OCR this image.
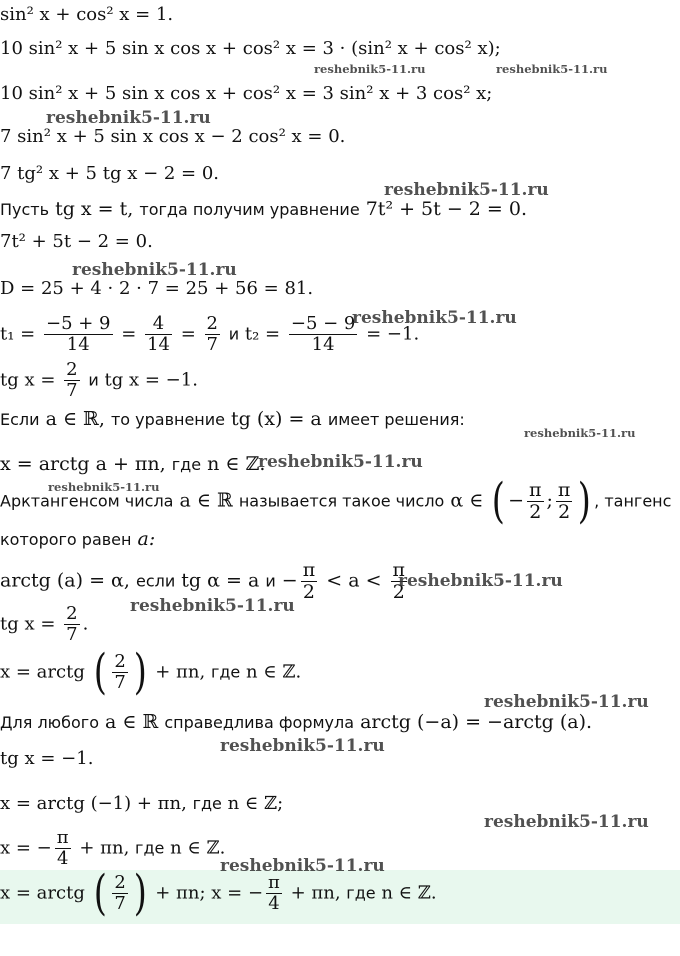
sin² x + cos² x = 1.
10 sin² x + 5 sin x cos x + cos² x = 3 · (sin² x + cos² x);
10 sin² x + 5 sin x cos x + cos² x = 3 sin² x + 3 cos² x;
7 sin² x + 5 sin x cos x − 2 cos² x = 0.
7 tg² x + 5 tg x − 2 = 0.
Пусть tg x = t, тогда получим уравнение 7t² + 5t − 2 = 0.
7t² + 5t − 2 = 0.
D = 25 + 4 · 2 · 7 = 25 + 56 = 81.
$t_1 = \frac{-5 + 9}{14} = \frac{4}{14} = \frac{2}{7}$ и $t_2 = \frac{-5 - 9}{14} = -1$.
tg $x = \frac{2}{7}$ и tg x = −1.
Если a ∈ ℝ, то уравнение tg (x) = a имеет решения:
x = arctg a + πn, где n ∈ ℤ.
Арктангенсом числа a ∈ ℝ называется такое число α ∈ ( − $\frac{\pi}{2}$ ; $\frac{\pi}{2}$ ) , тангенс
которого равен a:
arctg (a) = α, если tg α = a $и - \frac{\pi}{2} < a < \frac{\pi}{2}$
tg $x = \frac{2}{7}$ .
x = arctg ( $\frac{2}{7}$ ) + πn, где n ∈ ℤ.
Для любого a ∈ ℝ справедлива формула arctg (−a) = −arctg (a).
tg x = −1.
x = arctg (−1) + πn, где n ∈ ℤ;
x = − $\frac{\pi}{4} + \pi n$, где n ∈ ℤ.
x = arctg ( $\frac{2}{7}$ ) + πn; x = − $\frac{\pi}{4} + \pi n$, где n ∈ ℤ.
reshebnik5-11.ru	reshebnik5-11.ru
reshebnik5-11.ru
reshebnik5-11.ru
reshebnik5-11.ru
reshebnik5-11.ru
reshebnik5-11.ru
reshebnik5-11.ru
reshebnik5-11.ru
reshebnik5-11.ru
reshebnik5-11.ru
reshebnik5-11.ru
reshebnik5-11.ru
reshebnik5-11.ru
reshebnik5-11.ru
